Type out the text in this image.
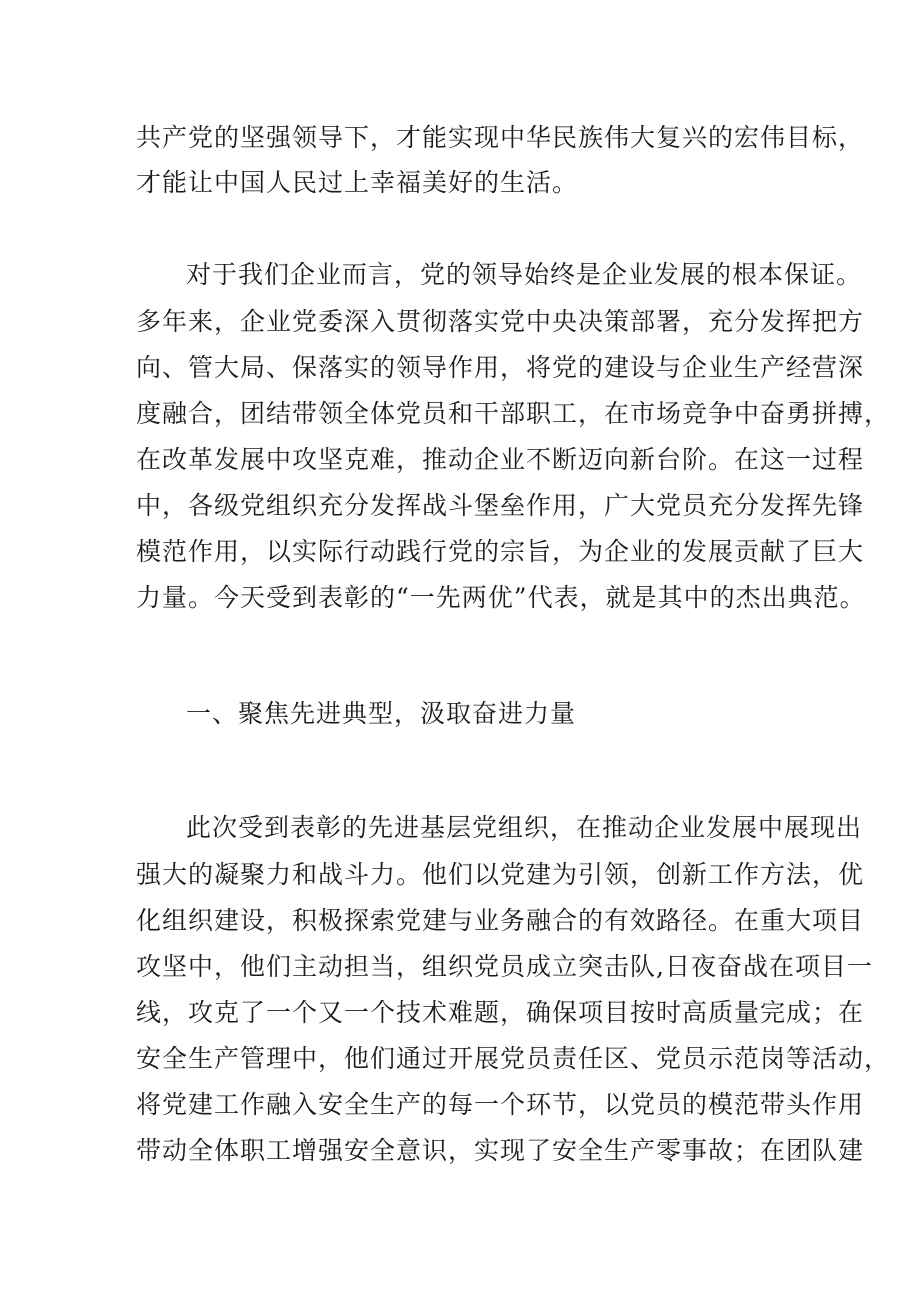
共产党的坚强领导下，才能实现中华民族伟大复兴的宏伟目标，
才能让中国人民过上幸福美好的生活。
对于我们企业而言，党的领导始终是企业发展的根本保证。
多年来，企业党委深入贯彻落实党中央决策部署，充分发挥把方
向、管大局、保落实的领导作用，将党的建设与企业生产经营深
度融合，团结带领全体党员和干部职工，在市场竞争中奋勇拼搏，
在改革发展中攻坚克难，推动企业不断迈向新台阶。在这一过程
中，各级党组织充分发挥战斗堡垒作用，广大党员充分发挥先锋
模范作用，以实际行动践行党的宗旨，为企业的发展贡献了巨大
力量。今天受到表彰的“一先两优”代表，就是其中的杰出典范。
一、聚焦先进典型，汲取奋进力量
此次受到表彰的先进基层党组织，在推动企业发展中展现出
强大的凝聚力和战斗力。他们以党建为引领，创新工作方法，优
化组织建设，积极探索党建与业务融合的有效路径。在重大项目
攻坚中，他们主动担当，组织党员成立突击队,日夜奋战在项目一
线，攻克了一个又一个技术难题，确保项目按时高质量完成；在
安全生产管理中，他们通过开展党员责任区、党员示范岗等活动，
将党建工作融入安全生产的每一个环节，以党员的模范带头作用
带动全体职工增强安全意识，实现了安全生产零事故；在团队建
